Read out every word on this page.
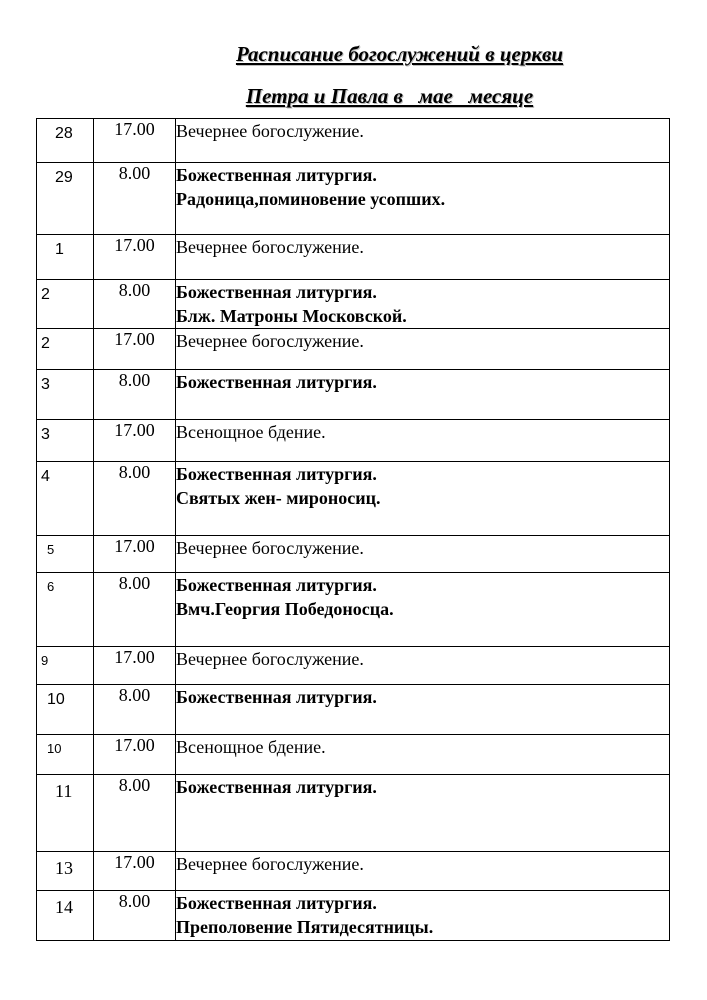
Расписание богослужений в церкви
Петра и Павла в   мае   месяце
28	17.00	Вечернее богослужение.

29	8.00	Божественная литургия.
Радоница,поминовение усопших.

1	17.00	Вечернее богослужение.

2	8.00	Божественная литургия.
Блж. Матроны Московской.

2	17.00	Вечернее богослужение.

3	8.00	Божественная литургия.

3	17.00	Всенощное бдение.

4	8.00	Божественная литургия.
Святых жен- мироносиц.

5	17.00	Вечернее богослужение.

6	8.00	Божественная литургия.
Вмч.Георгия Победоносца.

9	17.00	Вечернее богослужение.

10	8.00	Божественная литургия.

10	17.00	Всенощное бдение.

11	8.00	Божественная литургия.

13	17.00	Вечернее богослужение.

14	8.00	Божественная литургия.
Преполовение Пятидесятницы.
